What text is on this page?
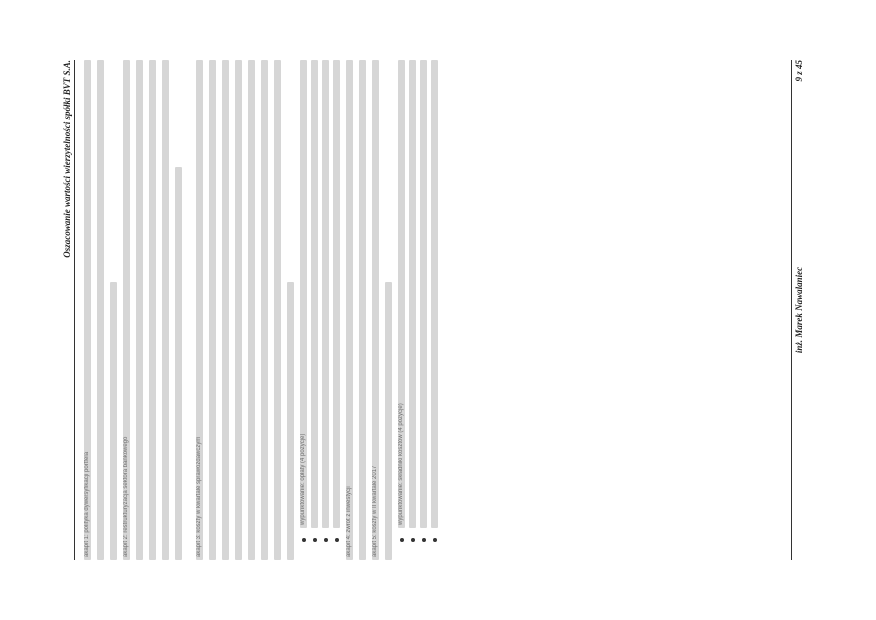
Oszacowanie wartości wierzytelności spółki BVT S.A.
akapit 1: polityka dywersyfikacji portfela	akapit 2: restrukturyzacja sektora bankowego	akapit 3: koszty w kwartale sprawozdawczym	wypunktowanie: opłaty (4 pozycje)	akapit 4: zwrot z inwestycji	akapit 5: koszty w II kwartale 2017	wypunktowanie: składniki kosztów (4 pozycje)
inż. Marek Nawalaniec
9 z 45
